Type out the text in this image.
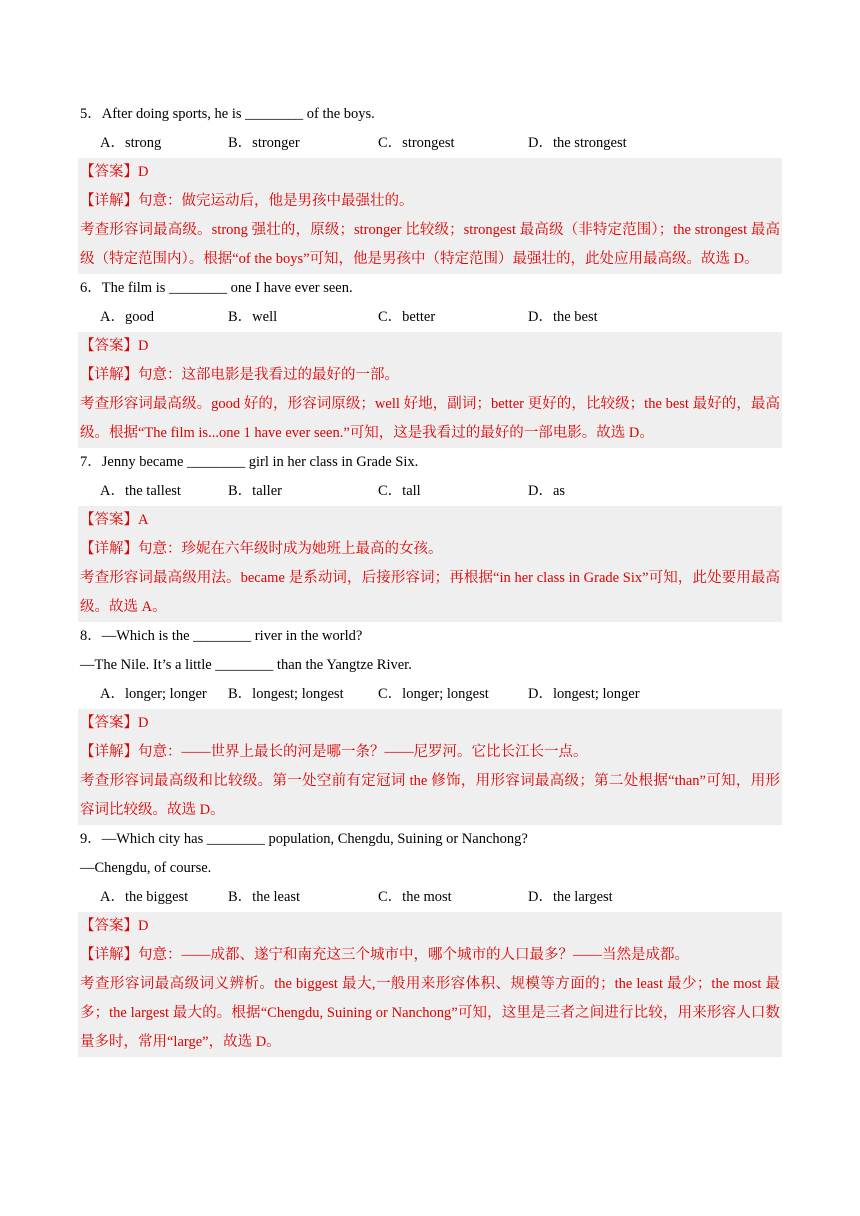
5．After doing sports, he is ________ of the boys.
A．strong	B．stronger	C．strongest	D．the strongest
【答案】D
【详解】句意：做完运动后，他是男孩中最强壮的。
考查形容词最高级。strong 强壮的，原级；stronger 比较级；strongest 最高级（非特定范围）；the strongest 最高级（特定范围内）。根据“of the boys”可知，他是男孩中（特定范围）最强壮的，此处应用最高级。故选 D。
6．The film is ________ one I have ever seen.
A．good	B．well	C．better	D．the best
【答案】D
【详解】句意：这部电影是我看过的最好的一部。
考查形容词最高级。good 好的，形容词原级；well 好地，副词；better 更好的，比较级；the best 最好的，最高级。根据“The film is...one 1 have ever seen.”可知，这是我看过的最好的一部电影。故选 D。
7．Jenny became ________ girl in her class in Grade Six.
A．the tallest	B．taller	C．tall	D．as
【答案】A
【详解】句意：珍妮在六年级时成为她班上最高的女孩。
考查形容词最高级用法。became 是系动词，后接形容词；再根据“in her class in Grade Six”可知，此处要用最高级。故选 A。
8．—Which is the ________ river in the world?
—The Nile. It’s a little ________ than the Yangtze River.
A．longer; longer B．longest; longest C．longer; longest	D．longest; longer
【答案】D
【详解】句意：——世界上最长的河是哪一条？——尼罗河。它比长江长一点。
考查形容词最高级和比较级。第一处空前有定冠词 the 修饰，用形容词最高级；第二处根据“than”可知，用形容词比较级。故选 D。
9．—Which city has ________ population, Chengdu, Suining or Nanchong?
—Chengdu, of course.
A．the biggest	B．the least	C．the most	D．the largest
【答案】D
【详解】句意：——成都、遂宁和南充这三个城市中，哪个城市的人口最多？——当然是成都。
考查形容词最高级词义辨析。the biggest 最大,一般用来形容体积、规模等方面的；the least 最少；the most 最多；the largest 最大的。根据“Chengdu, Suining or Nanchong”可知，这里是三者之间进行比较，用来形容人口数量多时，常用“large”，故选 D。
